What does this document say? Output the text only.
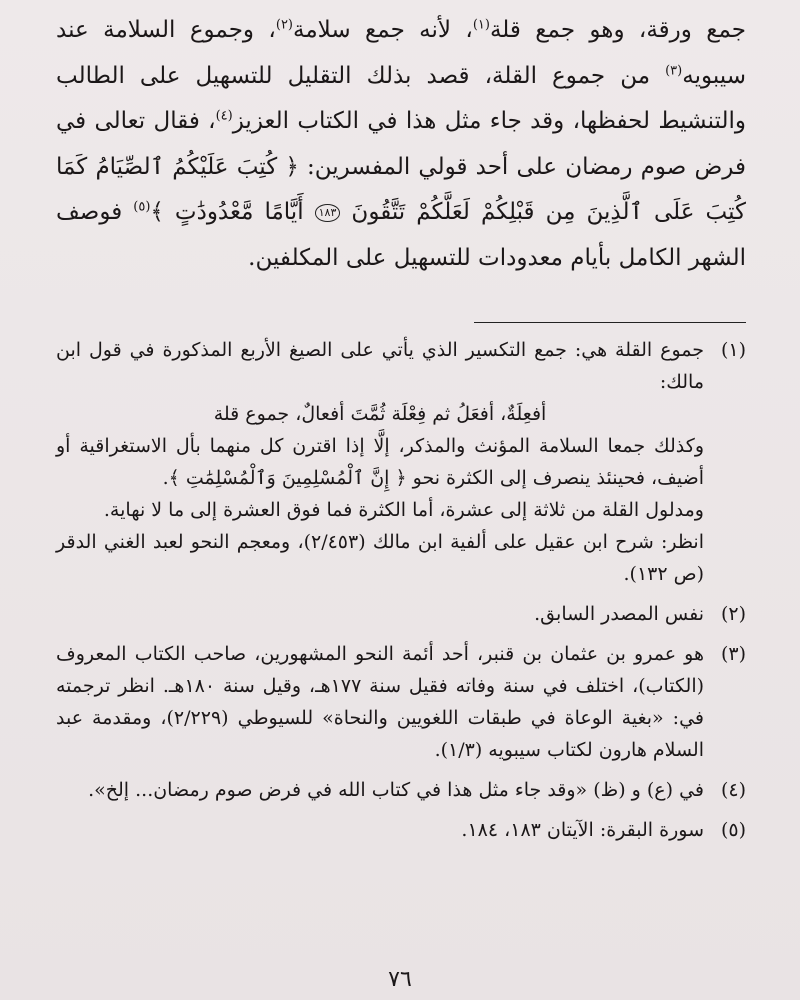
جمع ورقة، وهو جمع قلة$^{(١)}$، لأنه جمع سلامة$^{(٢)}$، وجموع السلامة عند سيبويه$^{(٣)}$ من جموع القلة، قصد بذلك التقليل للتسهيل على الطالب والتنشيط لحفظها، وقد جاء مثل هذا في الكتاب العزيز$^{(٤)}$، فقال تعالى في فرض صوم رمضان على أحد قولي المفسرين: ﴿ كُتِبَ عَلَيْكُمُ ٱلصِّيَامُ كَمَا كُتِبَ عَلَى ٱلَّذِينَ مِن قَبْلِكُمْ لَعَلَّكُمْ تَتَّقُونَ ١٨٣ أَيَّامًا مَّعْدُودَٰتٍ ﴾$^{(٥)}$ فوصف الشهر الكامل بأيام معدودات للتسهيل على المكلفين.

(١)
جموع القلة هي: جمع التكسير الذي يأتي على الصيغ الأربع المذكورة في قول ابن مالك:
أفعِلَةٌ، أفعَلُ ثم فِعْلَة ثُمَّتَ أفعالٌ، جموع قلة
وكذلك جمعا السلامة المؤنث والمذكر، إلَّا إذا اقترن كل منهما بأل الاستغراقية أو أضيف، فحينئذ ينصرف إلى الكثرة نحو ﴿ إِنَّ ٱلْمُسْلِمِينَ وَٱلْمُسْلِمَٰتِ ﴾.
ومدلول القلة من ثلاثة إلى عشرة، أما الكثرة فما فوق العشرة إلى ما لا نهاية.
انظر: شرح ابن عقيل على ألفية ابن مالك (٢/٤٥٣)، ومعجم النحو لعبد الغني الدقر (ص ١٣٢).
(٢)
نفس المصدر السابق.
(٣)
هو عمرو بن عثمان بن قنبر، أحد أئمة النحو المشهورين، صاحب الكتاب المعروف (الكتاب)، اختلف في سنة وفاته فقيل سنة ١٧٧هـ، وقيل سنة ١٨٠هـ. انظر ترجمته في: «بغية الوعاة في طبقات اللغويين والنحاة» للسيوطي (٢/٢٢٩)، ومقدمة عبد السلام هارون لكتاب سيبويه (١/٣).
(٤)
في (ع) و (ظ) «وقد جاء مثل هذا في كتاب الله في فرض صوم رمضان... إلخ».
(٥)
سورة البقرة: الآيتان ١٨٣، ١٨٤.
٧٦
